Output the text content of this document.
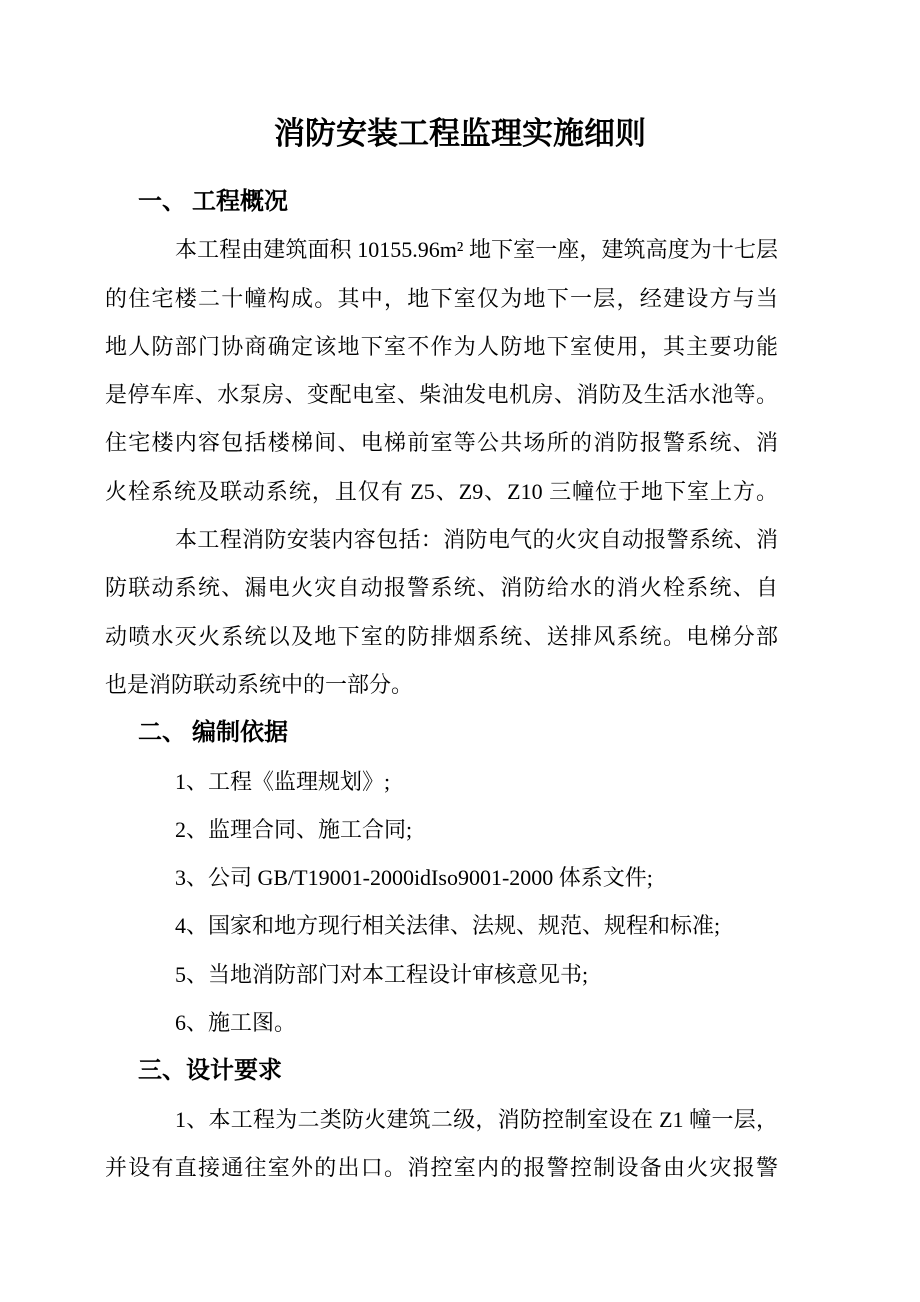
消防安装工程监理实施细则
一、 工程概况

本工程由建筑面积 10155.96m² 地下室一座，建筑高度为十七层
的住宅楼二十幢构成。其中，地下室仅为地下一层，经建设方与当
地人防部门协商确定该地下室不作为人防地下室使用，其主要功能
是停车库、水泵房、变配电室、柴油发电机房、消防及生活水池等。
住宅楼内容包括楼梯间、电梯前室等公共场所的消防报警系统、消
火栓系统及联动系统，且仅有 Z5、Z9、Z10 三幢位于地下室上方。

本工程消防安装内容包括：消防电气的火灾自动报警系统、消
防联动系统、漏电火灾自动报警系统、消防给水的消火栓系统、自
动喷水灭火系统以及地下室的防排烟系统、送排风系统。电梯分部
也是消防联动系统中的一部分。

二、 编制依据
1、工程《监理规划》;
2、监理合同、施工合同;
3、公司 GB/T19001-2000idIso9001-2000 体系文件;
4、国家和地方现行相关法律、法规、规范、规程和标准;
5、当地消防部门对本工程设计审核意见书;
6、施工图。
三、设计要求

1、本工程为二类防火建筑二级，消防控制室设在 Z1 幢一层，
并设有直接通往室外的出口。消控室内的报警控制设备由火灾报警
